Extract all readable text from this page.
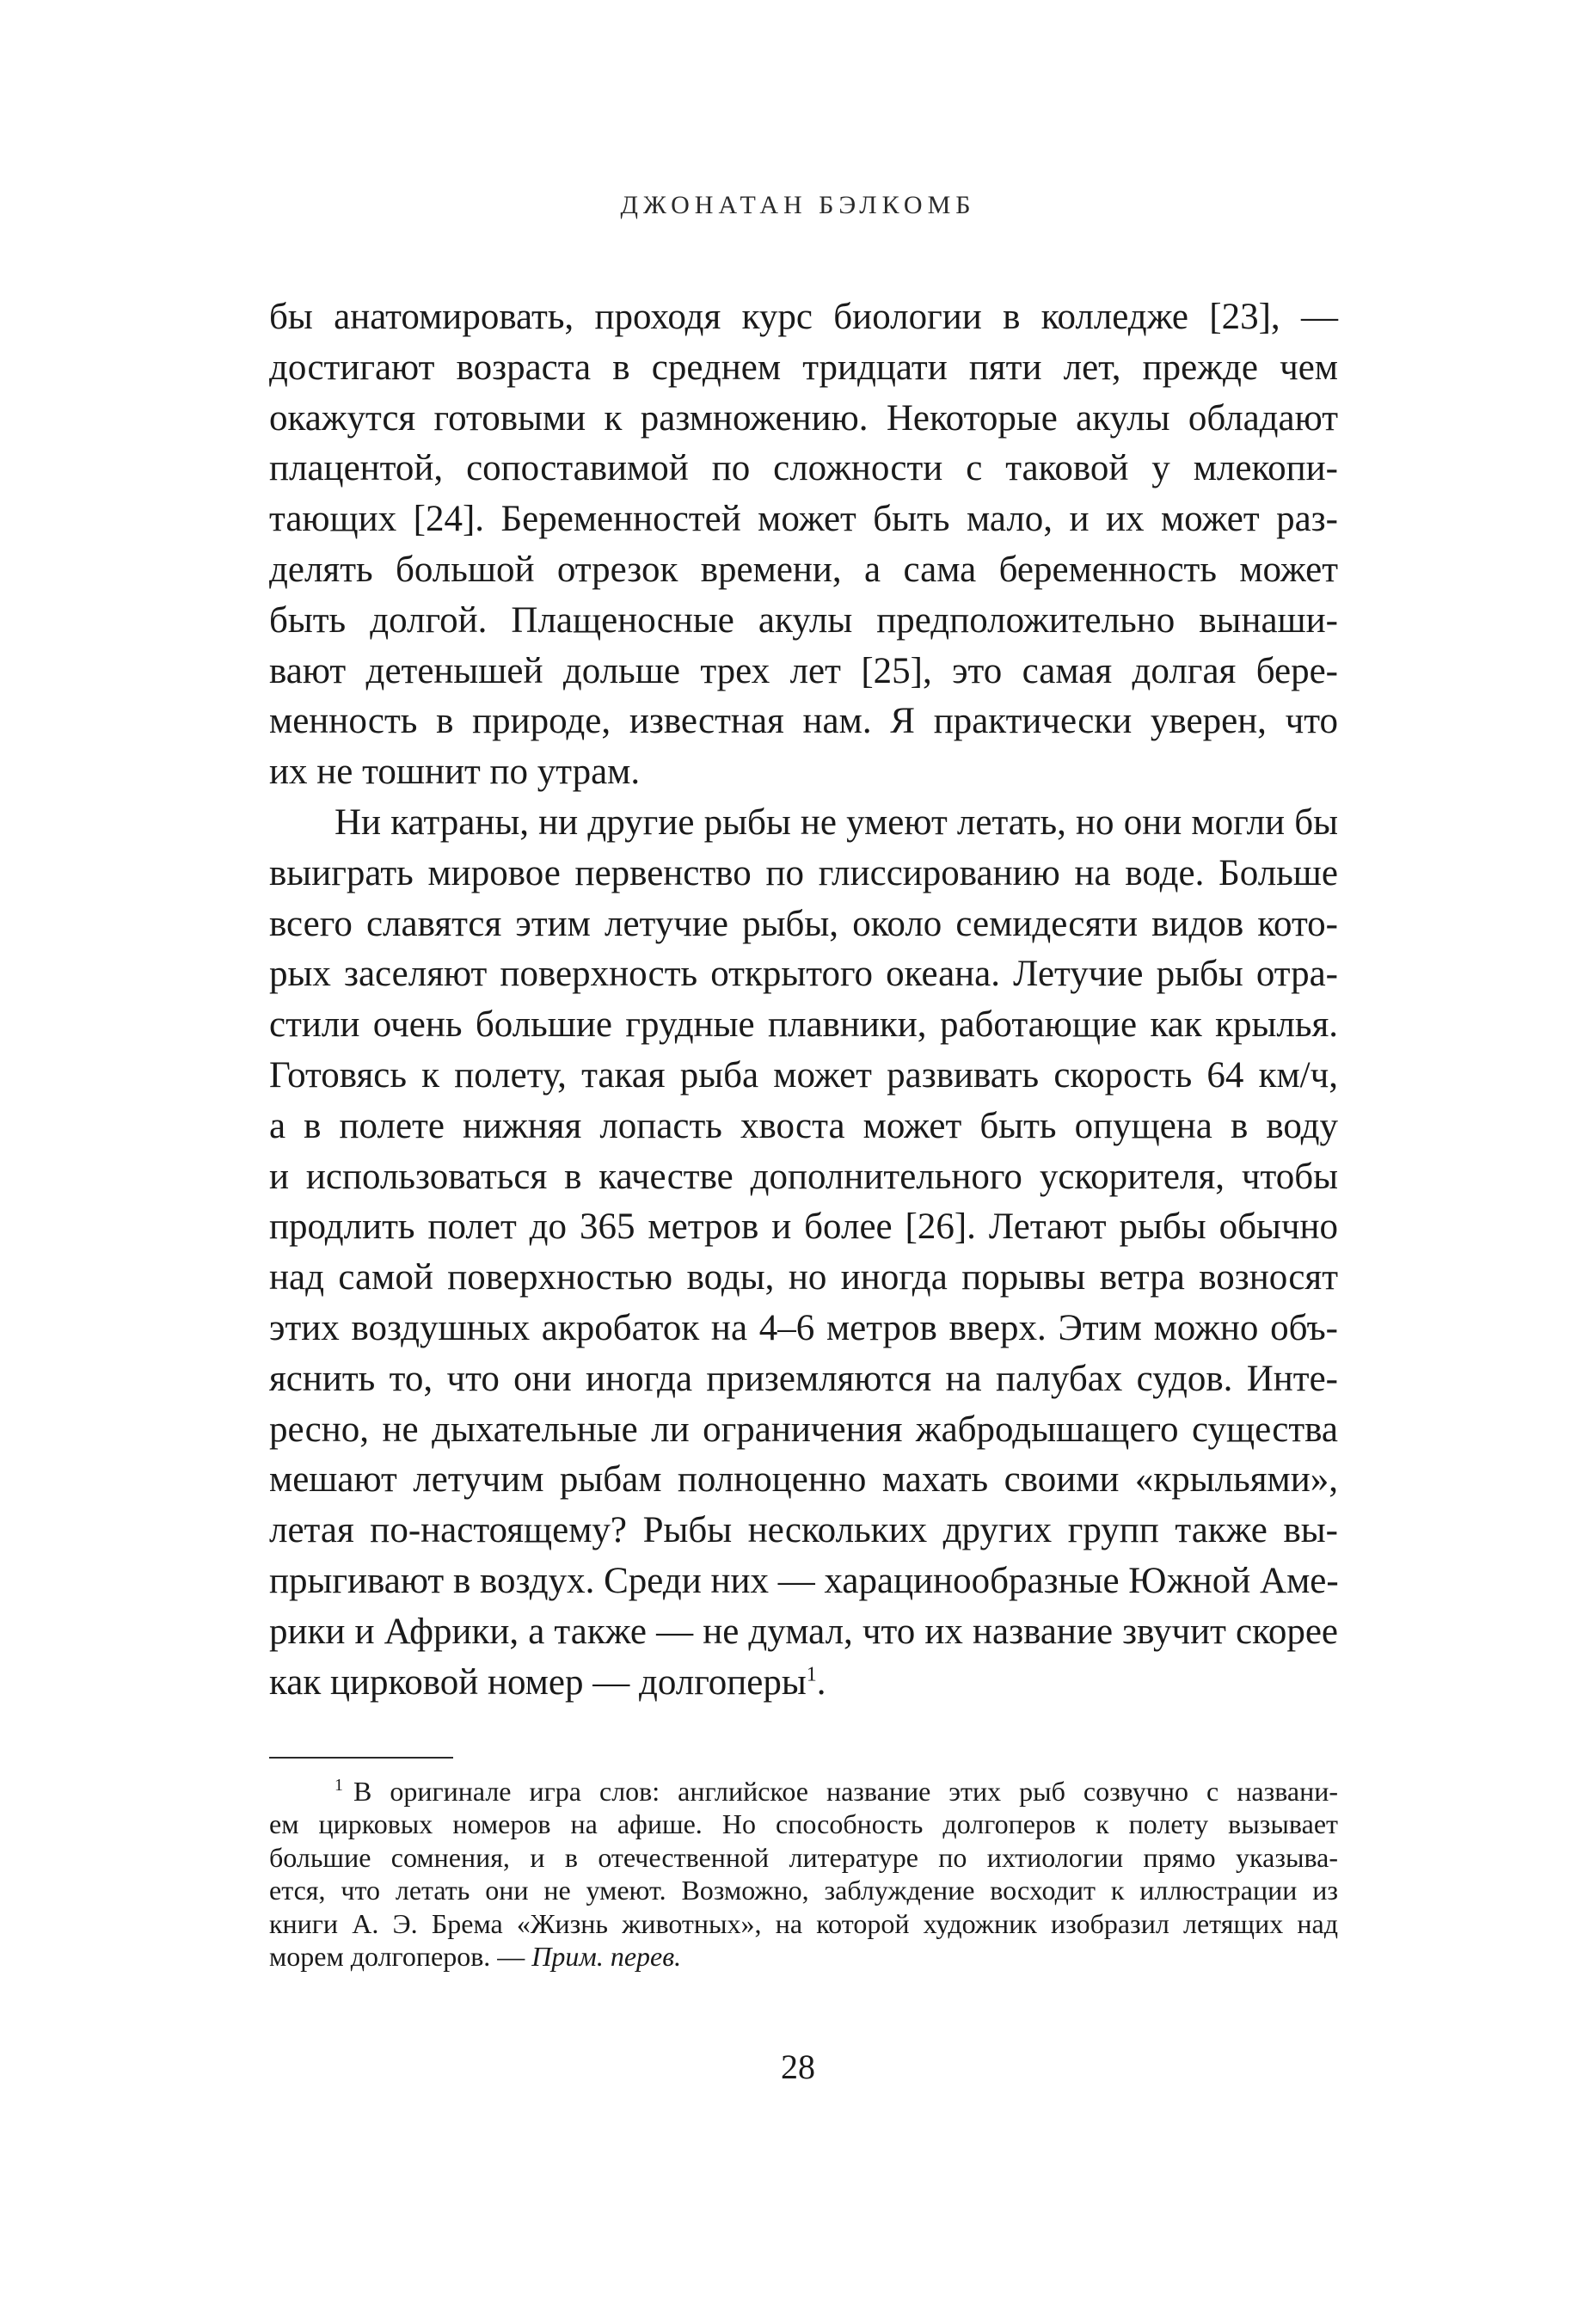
ДЖОНАТАН БЭЛКОМБ
бы анатомировать, проходя курс биологии в колледже [23], —
достигают возраста в среднем тридцати пяти лет, прежде чем
окажутся готовыми к размножению. Некоторые акулы обладают
плацентой, сопоставимой по сложности с таковой у млекопи-
тающих [24]. Беременностей может быть мало, и их может раз-
делять большой отрезок времени, а сама беременность может
быть долгой. Плащеносные акулы предположительно вынаши-
вают детенышей дольше трех лет [25], это самая долгая бере-
менность в природе, известная нам. Я практически уверен, что
их не тошнит по утрам.
Ни катраны, ни другие рыбы не умеют летать, но они могли бы
выиграть мировое первенство по глиссированию на воде. Больше
всего славятся этим летучие рыбы, около семидесяти видов кото-
рых заселяют поверхность открытого океана. Летучие рыбы отра-
стили очень большие грудные плавники, работающие как крылья.
Готовясь к полету, такая рыба может развивать скорость 64 км/ч,
а в полете нижняя лопасть хвоста может быть опущена в воду
и использоваться в качестве дополнительного ускорителя, чтобы
продлить полет до 365 метров и более [26]. Летают рыбы обычно
над самой поверхностью воды, но иногда порывы ветра возносят
этих воздушных акробаток на 4–6 метров вверх. Этим можно объ-
яснить то, что они иногда приземляются на палубах судов. Инте-
ресно, не дыхательные ли ограничения жабродышащего существа
мешают летучим рыбам полноценно махать своими «крыльями»,
летая по-настоящему? Рыбы нескольких других групп также вы-
прыгивают в воздух. Среди них — харацинообразные Южной Аме-
рики и Африки, а также — не думал, что их название звучит скорее
как цирковой номер — долгоперы$^1$.
$^1$ В оригинале игра слов: английское название этих рыб созвучно с названи-
ем цирковых номеров на афише. Но способность долгоперов к полету вызывает
большие сомнения, и в отечественной литературе по ихтиологии прямо указыва-
ется, что летать они не умеют. Возможно, заблуждение восходит к иллюстрации из
книги А. Э. Брема «Жизнь животных», на которой художник изобразил летящих над
морем долгоперов. — Прим. перев.
28
